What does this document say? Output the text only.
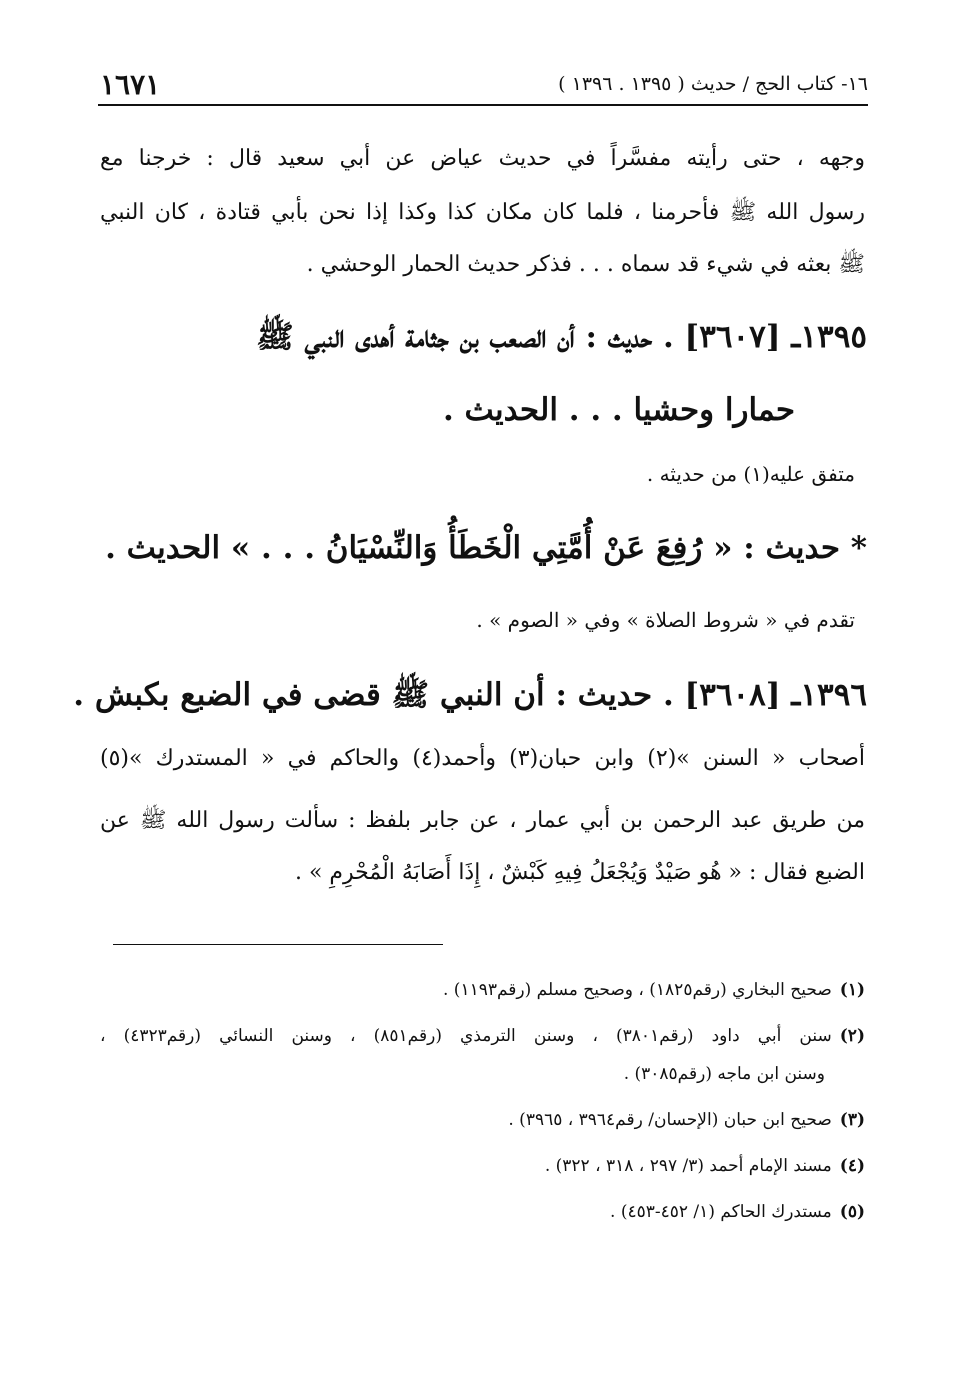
١٦- كتاب الحج / حديث ( ١٣٩٥ . ١٣٩٦ )
١٦٧١
وجهه ، حتى رأيته مفسَّراً في حديث عياض عن أبي سعيد قال : خرجنا مع
رسول الله ﷺ فأحرمنا ، فلما كان مكان كذا وكذا إذا نحن بأبي قتادة ، كان النبي
ﷺ بعثه في شيء قد سماه . . . فذكر حديث الحمار الوحشي .
١٣٩٥ـ [٣٦٠٧] . حديث : أن الصعب بن جثامة أهدى النبي ﷺ
حمارا وحشيا . . . الحديث .
متفق عليه(١) من حديثه .
* حديث : « رُفِعَ عَنْ أُمَّتِي الْخَطَأُ وَالنِّسْيَانُ . . . » الحديث .
تقدم في « شروط الصلاة » وفي « الصوم » .
١٣٩٦ـ [٣٦٠٨] . حديث : أن النبي ﷺ قضى في الضبع بكبش .
أصحاب « السنن »(٢) وابن حبان(٣) وأحمد(٤) والحاكم في « المستدرك »(٥)
من طريق عبد الرحمن بن أبي عمار ، عن جابر بلفظ : سألت رسول الله ﷺ عن
الضبع فقال : « هُو صَيْدٌ وَيُجْعَلُ فِيهِ كَبْشٌ ، إِذَا أَصَابَهُ الْمُحْرِمِ » .
(١)صحيح البخاري (رقم١٨٢٥) ، وصحيح مسلم (رقم١١٩٣) .
(٢)سنن أبي داود (رقم٣٨٠١) ، وسنن الترمذي (رقم٨٥١) ، وسنن النسائي (رقم٤٣٢٣) ،
وسنن ابن ماجه (رقم٣٠٨٥) .
(٣)صحيح ابن حبان (الإحسان/ رقم٣٩٦٤ ، ٣٩٦٥) .
(٤)مسند الإمام أحمد (٣/ ٢٩٧ ، ٣١٨ ، ٣٢٢) .
(٥)مستدرك الحاكم (١/ ٤٥٢-٤٥٣) .
